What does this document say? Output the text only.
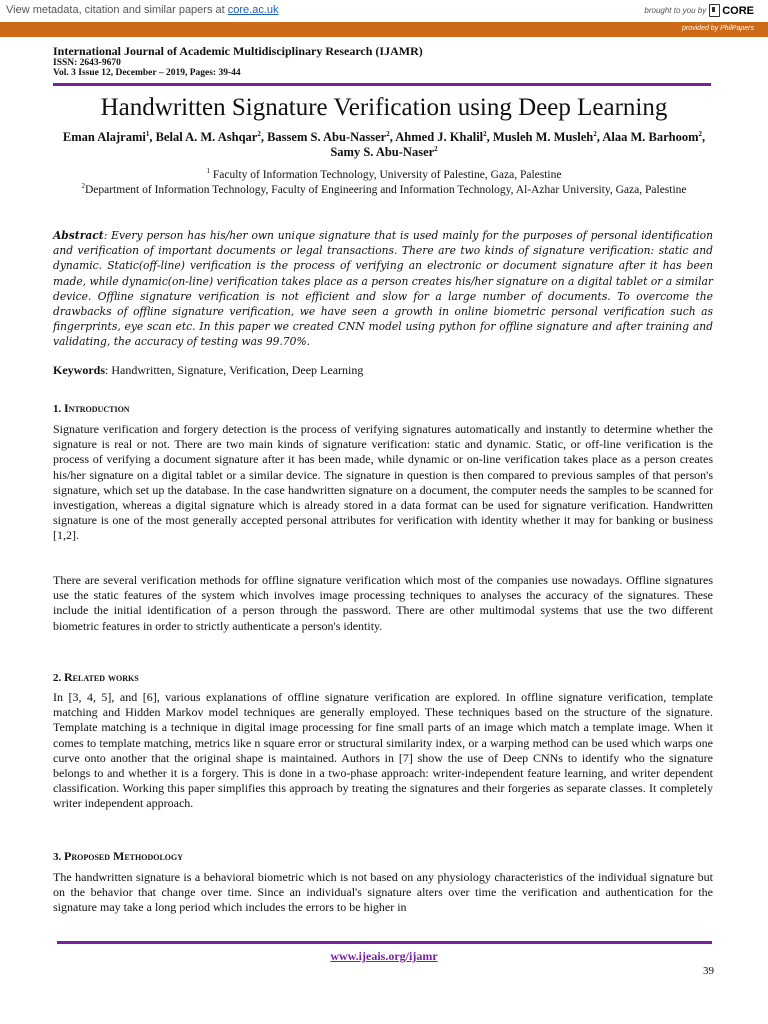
View metadata, citation and similar papers at core.ac.uk	brought to you by CORE
provided by PhilPapers
International Journal of Academic Multidisciplinary Research (IJAMR)
ISSN: 2643-9670
Vol. 3 Issue 12, December – 2019, Pages: 39-44
Handwritten Signature Verification using Deep Learning
Eman Alajrami$^1$, Belal A. M. Ashqar$^2$, Bassem S. Abu-Nasser$^2$, Ahmed J. Khalil$^2$, Musleh M. Musleh$^2$, Alaa M. Barhoom$^2$, Samy S. Abu-Naser$^2$
$^1$ Faculty of Information Technology, University of Palestine, Gaza, Palestine
$^2$Department of Information Technology, Faculty of Engineering and Information Technology, Al-Azhar University, Gaza, Palestine
Abstract: Every person has his/her own unique signature that is used mainly for the purposes of personal identification and verification of important documents or legal transactions. There are two kinds of signature verification: static and dynamic. Static(off-line) verification is the process of verifying an electronic or document signature after it has been made, while dynamic(on-line) verification takes place as a person creates his/her signature on a digital tablet or a similar device. Offline signature verification is not efficient and slow for a large number of documents. To overcome the drawbacks of offline signature verification, we have seen a growth in online biometric personal verification such as fingerprints, eye scan etc. In this paper we created CNN model using python for offline signature and after training and validating, the accuracy of testing was 99.70%.
Keywords: Handwritten, Signature, Verification, Deep Learning
1. Introduction
Signature verification and forgery detection is the process of verifying signatures automatically and instantly to determine whether the signature is real or not. There are two main kinds of signature verification: static and dynamic. Static, or off-line verification is the process of verifying a document signature after it has been made, while dynamic or on-line verification takes place as a person creates his/her signature on a digital tablet or a similar device. The signature in question is then compared to previous samples of that person's signature, which set up the database. In the case handwritten signature on a document, the computer needs the samples to be scanned for investigation, whereas a digital signature which is already stored in a data format can be used for signature verification. Handwritten signature is one of the most generally accepted personal attributes for verification with identity whether it may for banking or business [1,2].
There are several verification methods for offline signature verification which most of the companies use nowadays. Offline signatures use the static features of the system which involves image processing techniques to analyses the accuracy of the signatures. These include the initial identification of a person through the password. There are other multimodal systems that use the two different biometric features in order to strictly authenticate a person's identity.
2. Related works
In [3, 4, 5], and [6], various explanations of offline signature verification are explored. In offline signature verification, template matching and Hidden Markov model techniques are generally employed. These techniques based on the structure of the signature. Template matching is a technique in digital image processing for fine small parts of an image which match a template image. When it comes to template matching, metrics like n square error or structural similarity index, or a warping method can be used which warps one curve onto another that the original shape is maintained. Authors in [7] show the use of Deep CNNs to identify who the signature belongs to and whether it is a forgery. This is done in a two-phase approach: writer-independent feature learning, and writer dependent classification. Working this paper simplifies this approach by treating the signatures and their forgeries as separate classes. It completely writer independent approach.
3. Proposed Methodology
The handwritten signature is a behavioral biometric which is not based on any physiology characteristics of the individual signature but on the behavior that change over time. Since an individual's signature alters over time the verification and authentication for the signature may take a long period which includes the errors to be higher in
www.ijeais.org/ijamr
39
